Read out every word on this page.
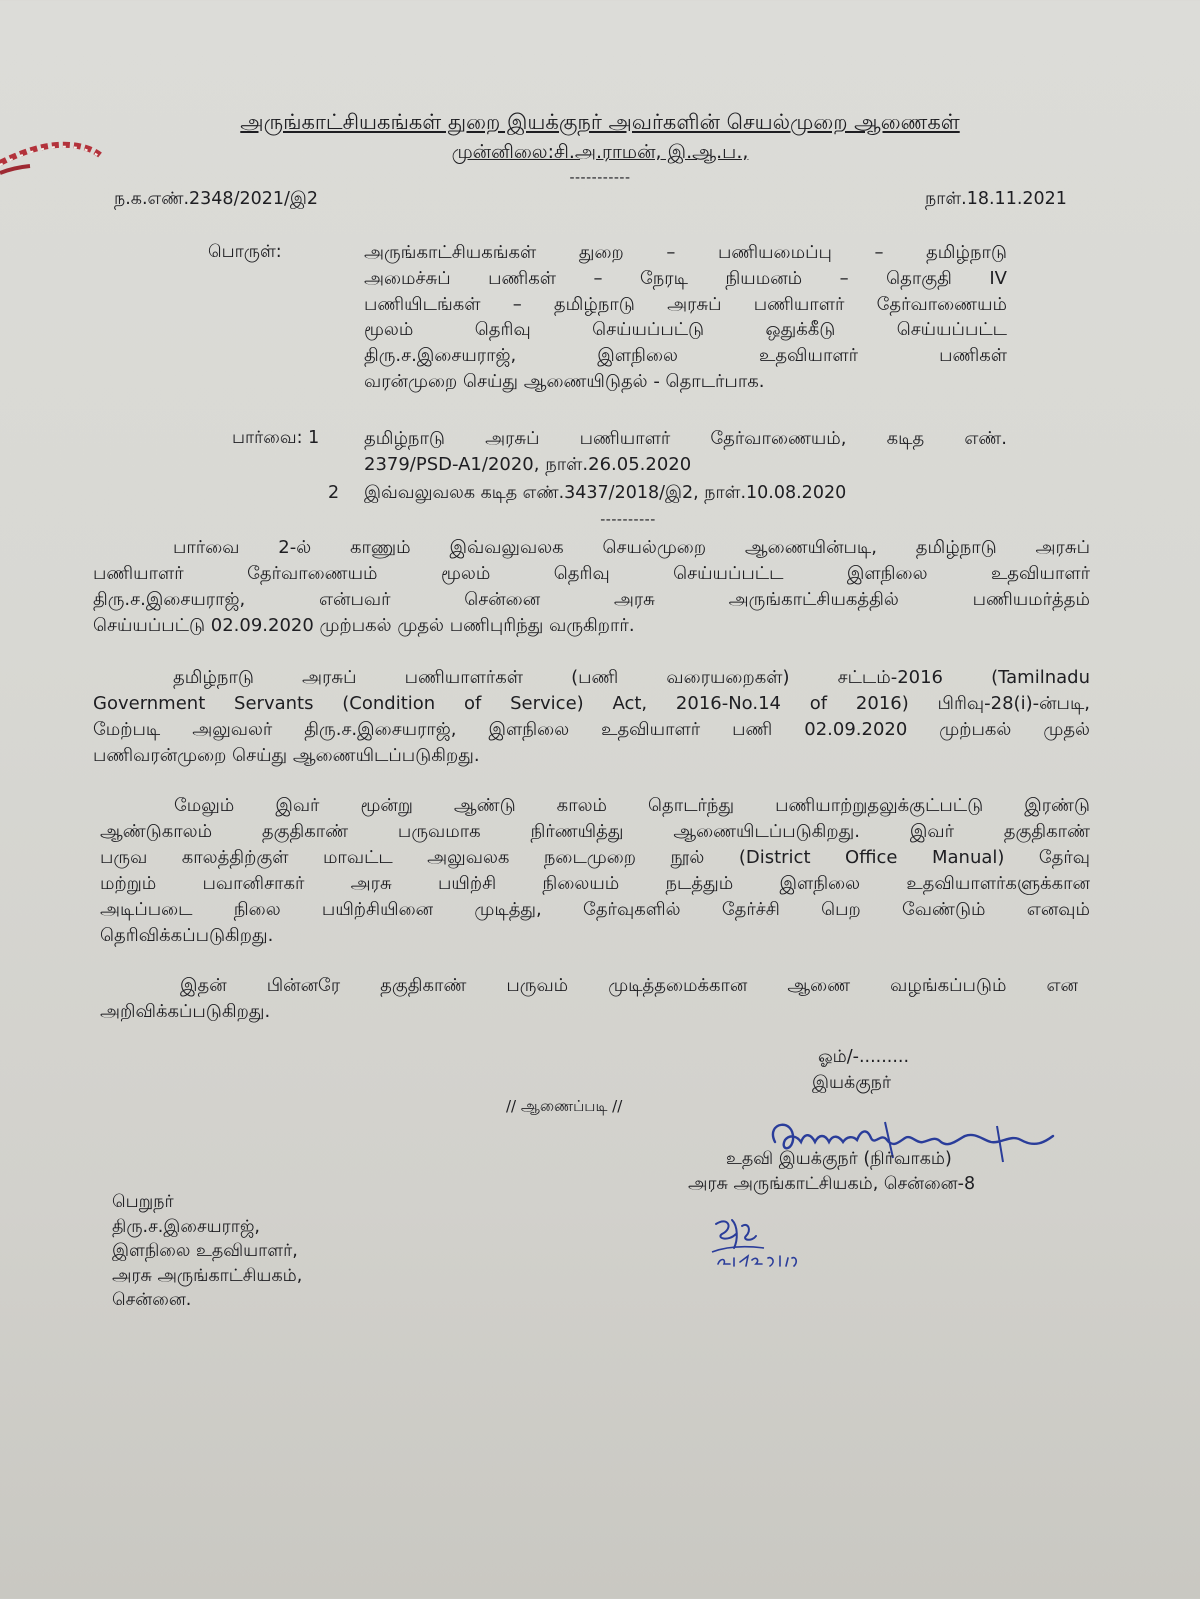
அருங்காட்சியகங்கள் துறை இயக்குநர் அவர்களின் செயல்முறை ஆணைகள்
முன்னிலை:சி.அ.ராமன், இ.ஆ.ப.,
-----------
ந.க.எண்.2348/2021/இ2	நாள்.18.11.2021
பொருள்:	அருங்காட்சியகங்கள் துறை – பணியமைப்பு – தமிழ்நாடு
அமைச்சுப் பணிகள் – நேரடி நியமனம் – தொகுதி IV
பணியிடங்கள் – தமிழ்நாடு அரசுப் பணியாளர் தேர்வாணையம்
மூலம் தெரிவு செய்யப்பட்டு ஒதுக்கீடு செய்யப்பட்ட
திரு.ச.இசையராஜ், இளநிலை உதவியாளர் பணிகள்
வரன்முறை செய்து ஆணையிடுதல் - தொடர்பாக.
பார்வை: 1 தமிழ்நாடு அரசுப் பணியாளர் தேர்வாணையம், கடித எண்.
2379/PSD-A1/2020, நாள்.26.05.2020
2 இவ்வலுவலக கடித எண்.3437/2018/இ2, நாள்.10.08.2020
----------
பார்வை 2-ல் காணும் இவ்வலுவலக செயல்முறை ஆணையின்படி, தமிழ்நாடு அரசுப்
பணியாளர் தேர்வாணையம் மூலம் தெரிவு செய்யப்பட்ட இளநிலை உதவியாளர்
திரு.ச.இசையராஜ், என்பவர் சென்னை அரசு அருங்காட்சியகத்தில் பணியமர்த்தம்
செய்யப்பட்டு 02.09.2020 முற்பகல் முதல் பணிபுரிந்து வருகிறார்.
தமிழ்நாடு அரசுப் பணியாளர்கள் (பணி வரையறைகள்) சட்டம்-2016 (Tamilnadu
Government Servants (Condition of Service) Act, 2016-No.14 of 2016) பிரிவு-28(i)-ன்படி,
மேற்படி அலுவலர் திரு.ச.இசையராஜ், இளநிலை உதவியாளர் பணி 02.09.2020 முற்பகல் முதல்
பணிவரன்முறை செய்து ஆணையிடப்படுகிறது.
மேலும் இவர் மூன்று ஆண்டு காலம் தொடர்ந்து பணியாற்றுதலுக்குட்பட்டு இரண்டு
ஆண்டுகாலம் தகுதிகாண் பருவமாக நிர்ணயித்து ஆணையிடப்படுகிறது. இவர் தகுதிகாண்
பருவ காலத்திற்குள் மாவட்ட அலுவலக நடைமுறை நூல் (District Office Manual) தேர்வு
மற்றும் பவானிசாகர் அரசு பயிற்சி நிலையம் நடத்தும் இளநிலை உதவியாளர்களுக்கான
அடிப்படை நிலை பயிற்சியினை முடித்து, தேர்வுகளில் தேர்ச்சி பெற வேண்டும் எனவும்
தெரிவிக்கப்படுகிறது.
இதன் பின்னரே தகுதிகாண் பருவம் முடித்தமைக்கான ஆணை வழங்கப்படும் என
அறிவிக்கப்படுகிறது.
ஓம்/-.........
இயக்குநர்
// ஆணைப்படி //
உதவி இயக்குநர் (நிர்வாகம்)
அரசு அருங்காட்சியகம், சென்னை-8
பெறுநர்
திரு.ச.இசையராஜ்,
இளநிலை உதவியாளர்,
அரசு அருங்காட்சியகம்,
சென்னை.
